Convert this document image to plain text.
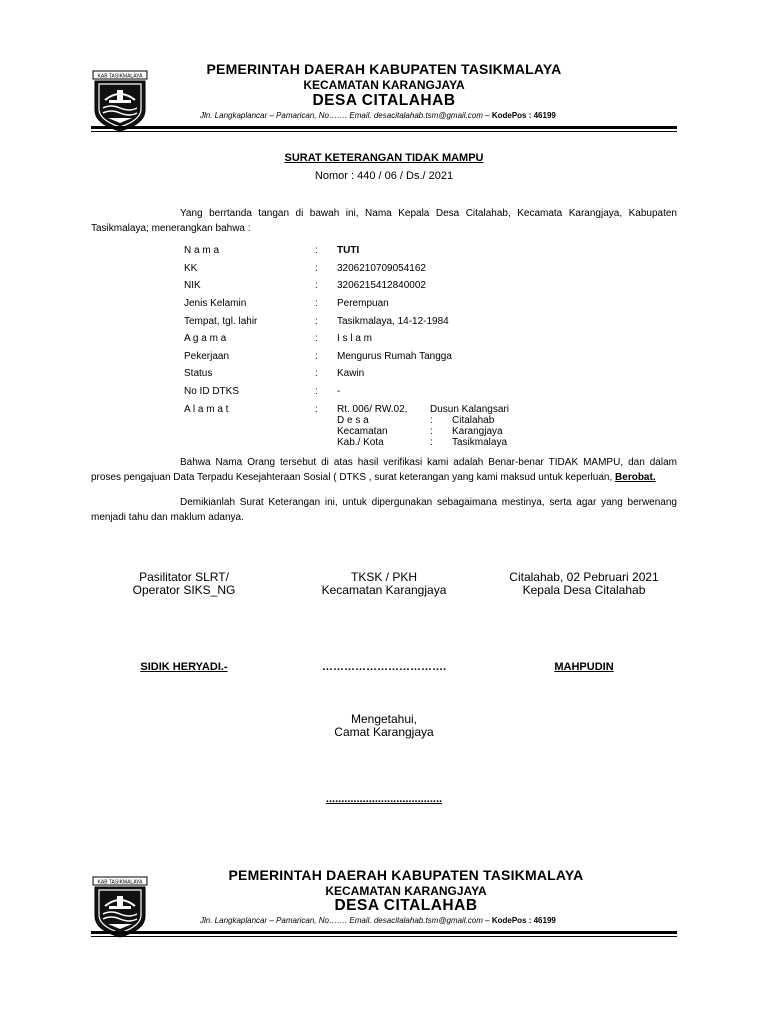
KAB TASIKMALAYA	PEMERINTAH DAERAH KABUPATEN TASIKMALAYA
KECAMATAN KARANGJAYA
DESA CITALAHAB
Jln. Langkaplancar – Pamarican, No……. Email. desacitalahab.tsm@gmail.com – KodePos : 46199
SURAT KETERANGAN TIDAK MAMPU
Nomor : 440 / 06 / Ds./ 2021
Yang berrtanda tangan di bawah ini, Nama Kepala Desa Citalahab, Kecamata Karangjaya, Kabupaten Tasikmalaya; menerangkan bahwa :
N a m a	: TUTI
KK	: 3206210709054162
NIK	: 3206215412840002
Jenis Kelamin	: Perempuan
Tempat, tgl. lahir	: Tasikmalaya, 14-12-1984
A g a m a	: I s l a m
Pekerjaan	: Mengurus Rumah Tangga
Status	: Kawin
No ID DTKS	: -
A l a m a t	: Rt. 006/ RW.02, Dusun Kalangsari
D e s a	: Citalahab
Kecamatan	: Karangjaya
Kab./ Kota	: Tasikmalaya
Bahwa Nama Orang tersebut di atas hasil verifikasi kami adalah Benar-benar TIDAK MAMPU, dan dalam proses pengajuan Data Terpadu Kesejahteraan Sosial ( DTKS , surat keterangan yang kami maksud untuk keperluan, Berobat.
Demikianlah Surat Keterangan ini, untuk dipergunakan sebagaimana mestinya, serta agar yang berwenang menjadi tahu dan maklum adanya.
Pasilitator SLRT/
Operator SIKS_NG
TKSK / PKH
Kecamatan Karangjaya
Citalahab, 02 Pebruari 2021
Kepala Desa Citalahab
SIDIK HERYADI.-	…………………………….	MAHPUDIN
Mengetahui,
Camat Karangjaya
......................................
KAB TASIKMALAYA	PEMERINTAH DAERAH KABUPATEN TASIKMALAYA
KECAMATAN KARANGJAYA
DESA CITALAHAB
Jln. Langkaplancar – Pamarican, No……. Email. desacitalahab.tsm@gmail.com – KodePos : 46199
